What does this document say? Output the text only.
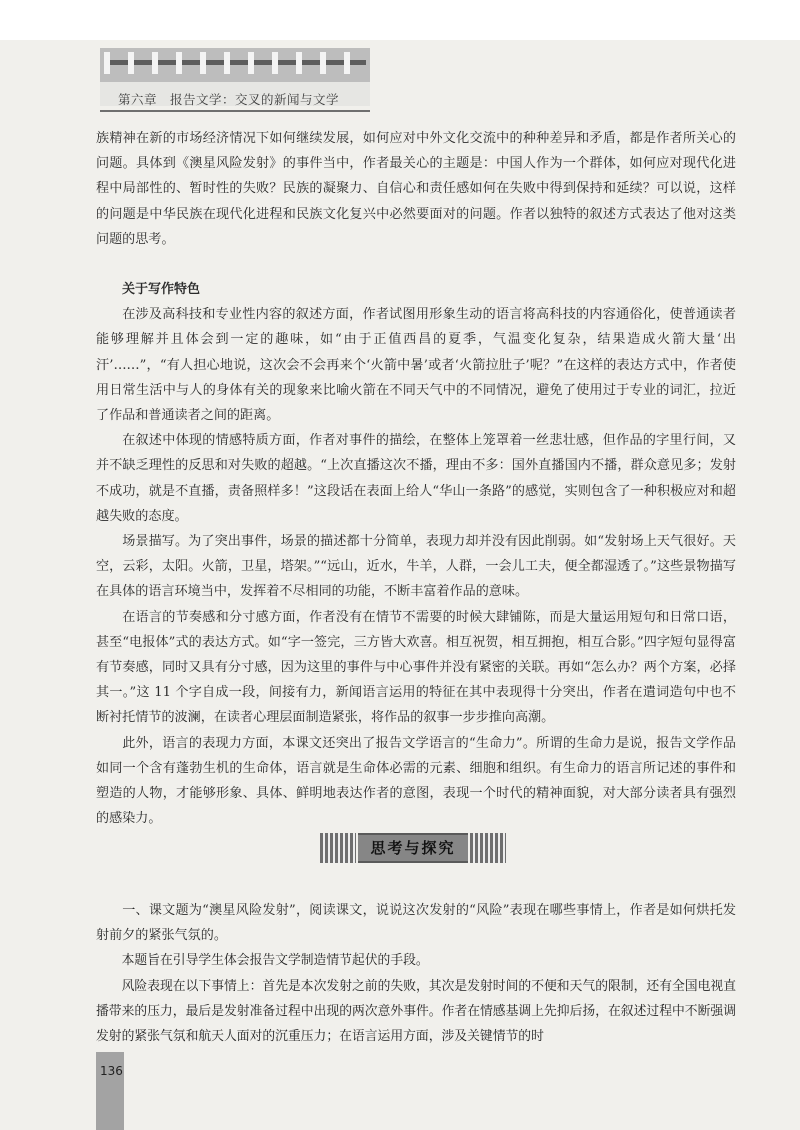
第六章　报告文学：交叉的新闻与文学

族精神在新的市场经济情况下如何继续发展，如何应对中外文化交流中的种种差异和矛盾，都是作者所关心的问题。具体到《澳星风险发射》的事件当中，作者最关心的主题是：中国人作为一个群体，如何应对现代化进程中局部性的、暂时性的失败？民族的凝聚力、自信心和责任感如何在失败中得到保持和延续？可以说，这样的问题是中华民族在现代化进程和民族文化复兴中必然要面对的问题。作者以独特的叙述方式表达了他对这类问题的思考。

关于写作特色

在涉及高科技和专业性内容的叙述方面，作者试图用形象生动的语言将高科技的内容通俗化，使普通读者能够理解并且体会到一定的趣味，如“由于正值西昌的夏季，气温变化复杂，结果造成火箭大量‘出汗’……”，“有人担心地说，这次会不会再来个‘火箭中暑’或者‘火箭拉肚子’呢？”在这样的表达方式中，作者使用日常生活中与人的身体有关的现象来比喻火箭在不同天气中的不同情况，避免了使用过于专业的词汇，拉近了作品和普通读者之间的距离。

在叙述中体现的情感特质方面，作者对事件的描绘，在整体上笼罩着一丝悲壮感，但作品的字里行间，又并不缺乏理性的反思和对失败的超越。“上次直播这次不播，理由不多：国外直播国内不播，群众意见多；发射不成功，就是不直播，责备照样多！”这段话在表面上给人“华山一条路”的感觉，实则包含了一种积极应对和超越失败的态度。

场景描写。为了突出事件，场景的描述都十分简单，表现力却并没有因此削弱。如“发射场上天气很好。天空，云彩，太阳。火箭，卫星，塔架。”“远山，近水，牛羊，人群，一会儿工夫，便全都湿透了。”这些景物描写在具体的语言环境当中，发挥着不尽相同的功能，不断丰富着作品的意味。

在语言的节奏感和分寸感方面，作者没有在情节不需要的时候大肆铺陈，而是大量运用短句和日常口语，甚至“电报体”式的表达方式。如“字一签完，三方皆大欢喜。相互祝贺，相互拥抱，相互合影。”四字短句显得富有节奏感，同时又具有分寸感，因为这里的事件与中心事件并没有紧密的关联。再如“怎么办？两个方案，必择其一。”这 11 个字自成一段，间接有力，新闻语言运用的特征在其中表现得十分突出，作者在遣词造句中也不断衬托情节的波澜，在读者心理层面制造紧张，将作品的叙事一步步推向高潮。

此外，语言的表现力方面，本课文还突出了报告文学语言的“生命力”。所谓的生命力是说，报告文学作品如同一个含有蓬勃生机的生命体，语言就是生命体必需的元素、细胞和组织。有生命力的语言所记述的事件和塑造的人物，才能够形象、具体、鲜明地表达作者的意图，表现一个时代的精神面貌，对大部分读者具有强烈的感染力。

思考与探究

一、课文题为“澳星风险发射”，阅读课文，说说这次发射的“风险”表现在哪些事情上，作者是如何烘托发射前夕的紧张气氛的。

本题旨在引导学生体会报告文学制造情节起伏的手段。

风险表现在以下事情上：首先是本次发射之前的失败，其次是发射时间的不便和天气的限制，还有全国电视直播带来的压力，最后是发射准备过程中出现的两次意外事件。作者在情感基调上先抑后扬，在叙述过程中不断强调发射的紧张气氛和航天人面对的沉重压力；在语言运用方面，涉及关键情节的时

136
